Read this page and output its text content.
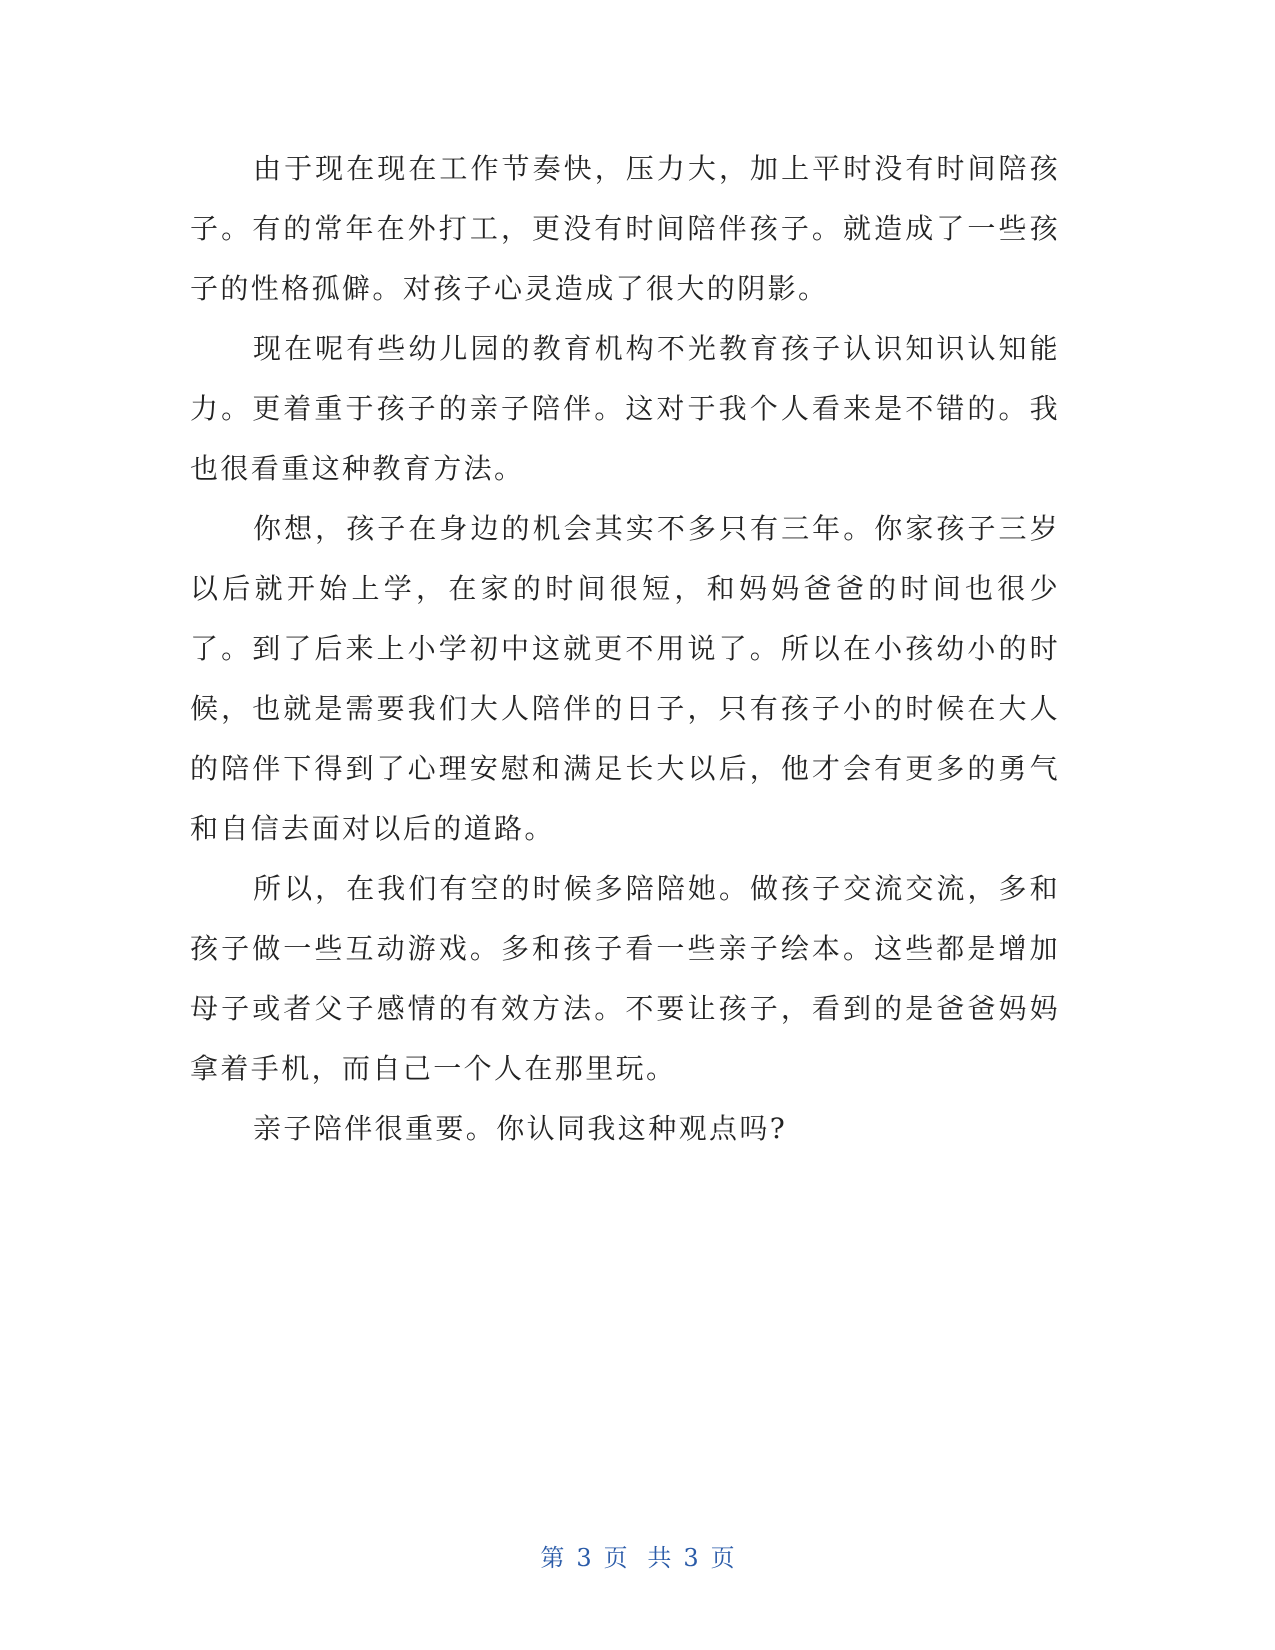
由于现在现在工作节奏快，压力大，加上平时没有时间陪孩子。有的常年在外打工，更没有时间陪伴孩子。就造成了一些孩子的性格孤僻。对孩子心灵造成了很大的阴影。

现在呢有些幼儿园的教育机构不光教育孩子认识知识认知能力。更着重于孩子的亲子陪伴。这对于我个人看来是不错的。我也很看重这种教育方法。

你想，孩子在身边的机会其实不多只有三年。你家孩子三岁以后就开始上学，在家的时间很短，和妈妈爸爸的时间也很少了。到了后来上小学初中这就更不用说了。所以在小孩幼小的时候，也就是需要我们大人陪伴的日子，只有孩子小的时候在大人的陪伴下得到了心理安慰和满足长大以后，他才会有更多的勇气和自信去面对以后的道路。

所以，在我们有空的时候多陪陪她。做孩子交流交流，多和孩子做一些互动游戏。多和孩子看一些亲子绘本。这些都是增加母子或者父子感情的有效方法。不要让孩子，看到的是爸爸妈妈拿着手机，而自己一个人在那里玩。

亲子陪伴很重要。你认同我这种观点吗?

第 3 页 共 3 页
